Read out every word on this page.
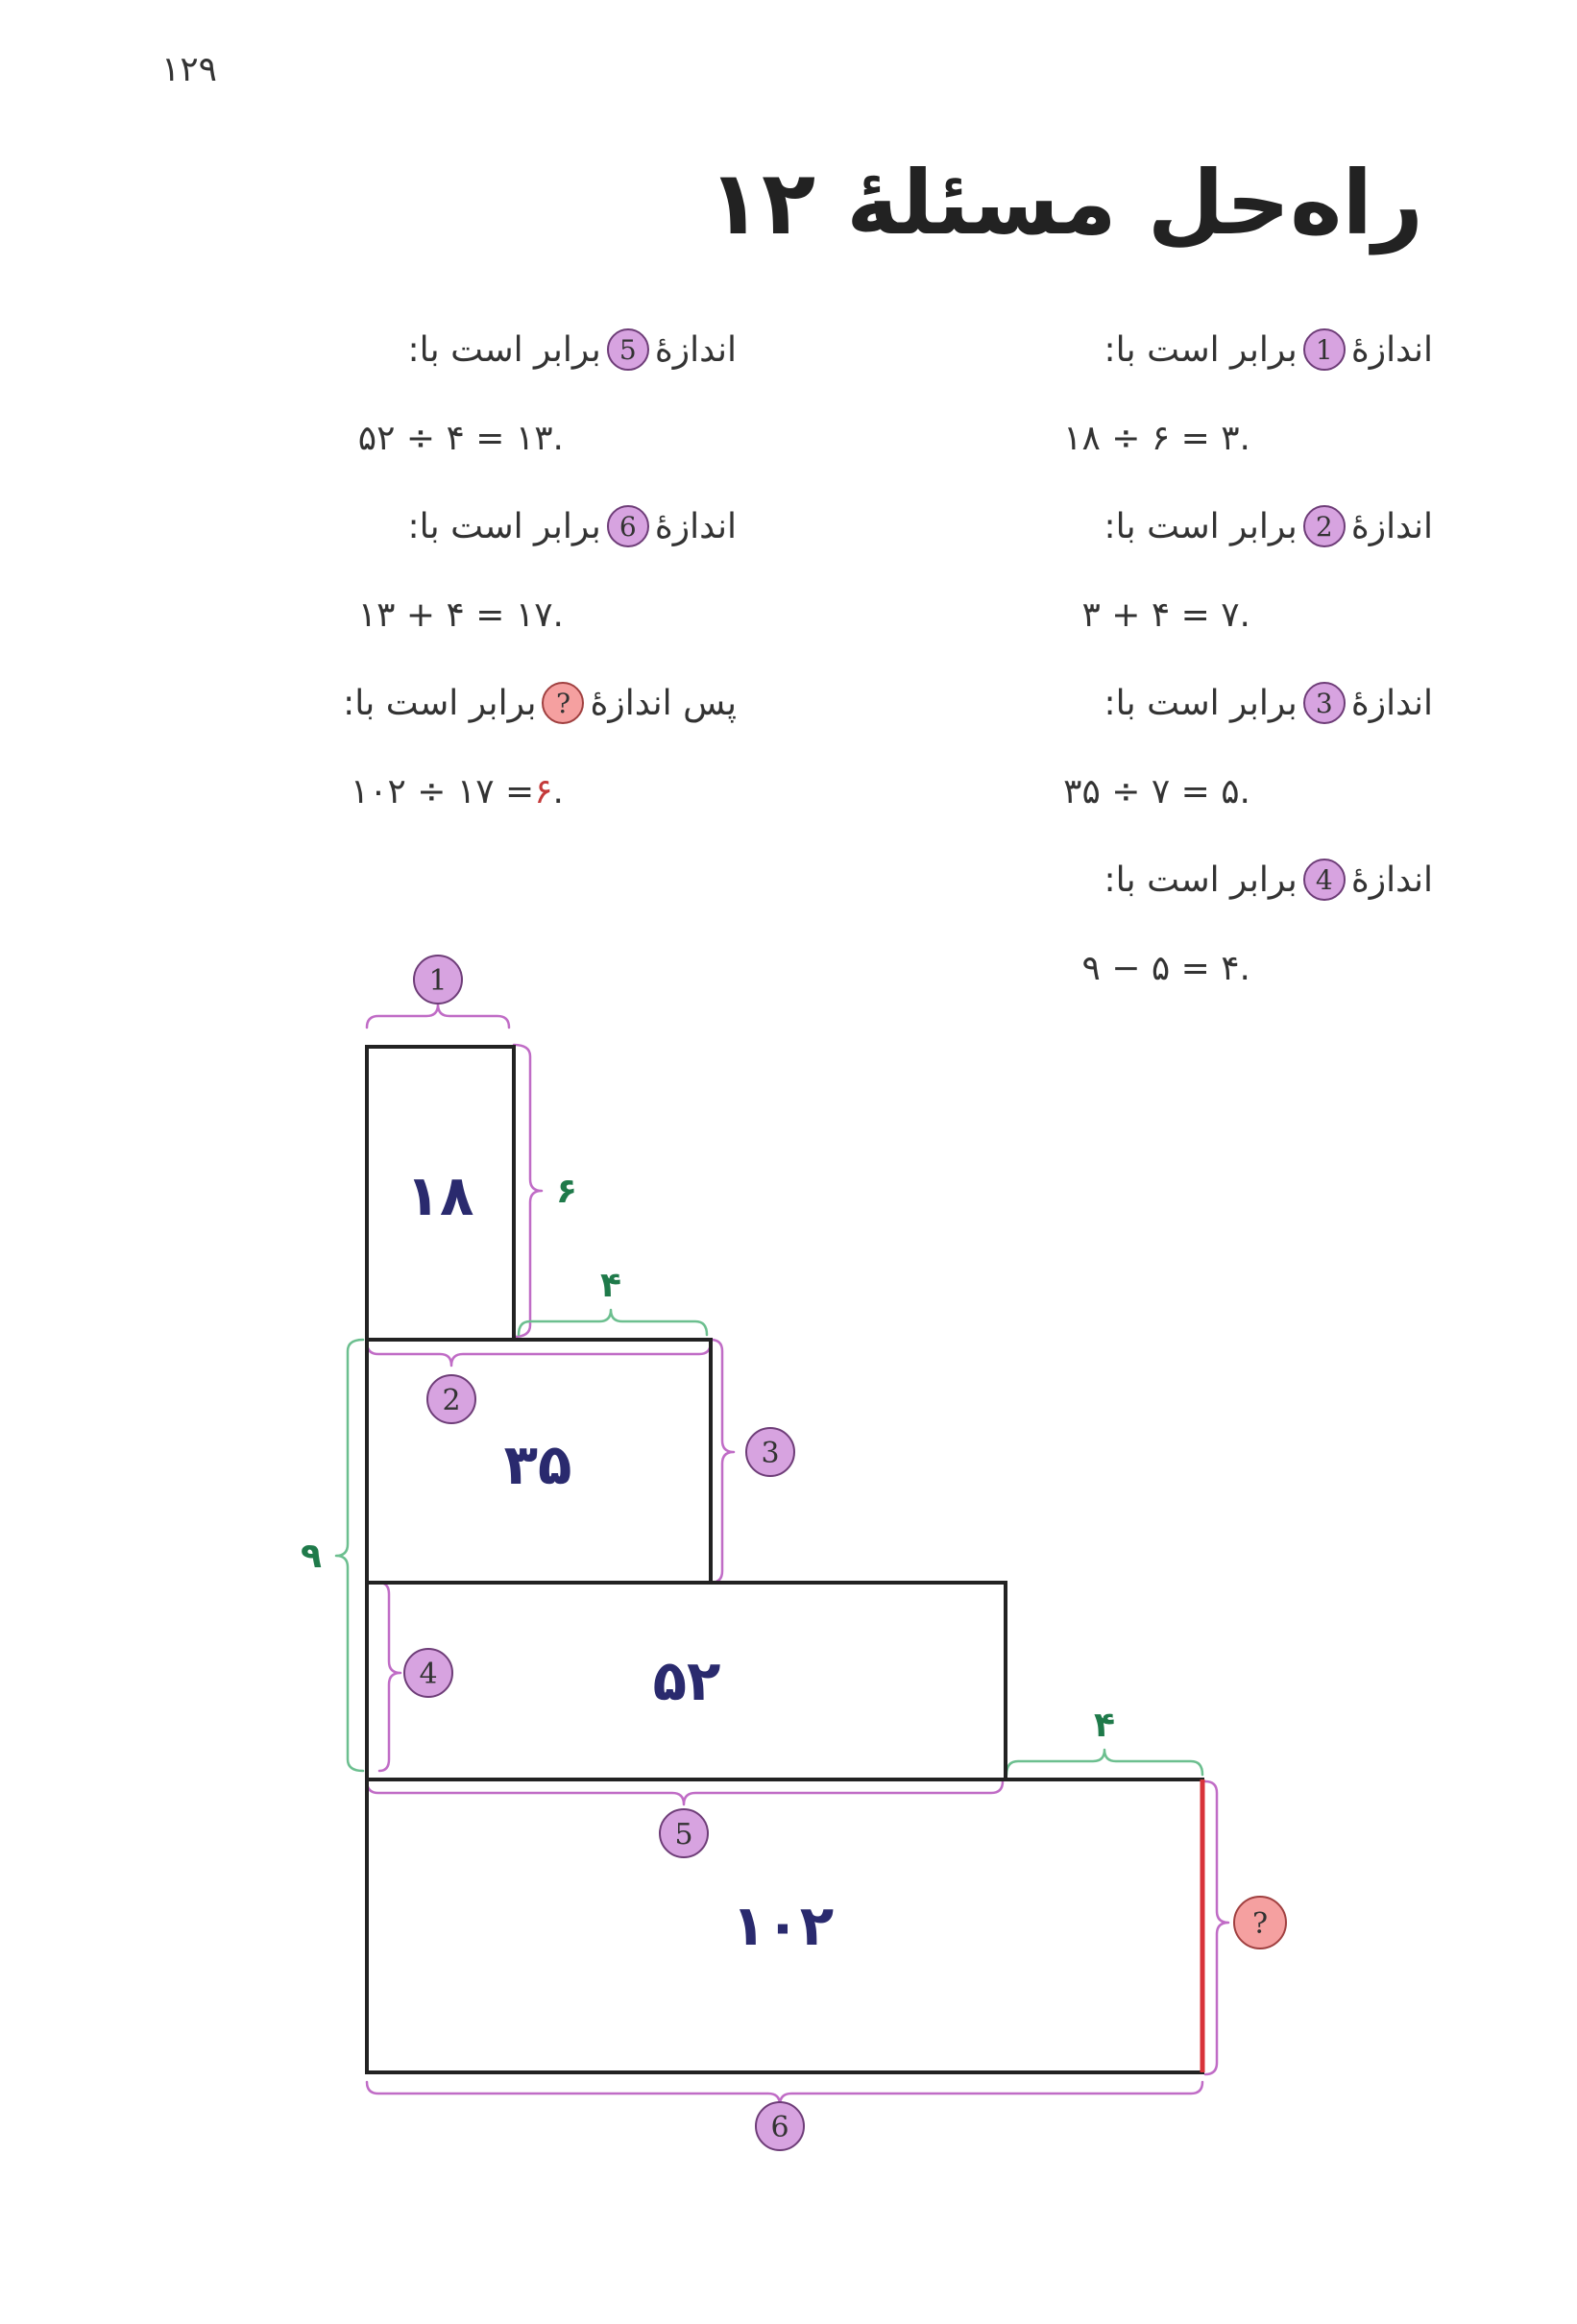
۱۲۹
راه‌حل مسئلهٔ ۱۲
اندازهٔ
1
برابر است با:
۱۸ ÷ ۶ = ۳.
اندازهٔ
2
برابر است با:
۳ + ۴ = ۷.
اندازهٔ
3
برابر است با:
۳۵ ÷ ۷ = ۵.
اندازهٔ
4
برابر است با:
۹ − ۵ = ۴.
اندازهٔ
5
برابر است با:
۵۲ ÷ ۴ = ۱۳.
اندازهٔ
6
برابر است با:
۱۳ + ۴ = ۱۷.
پس اندازهٔ
?
برابر است با:
۱۰۲ ÷ ۱۷ = ۶ .
۱۸
۳۵
۵۲
۱۰۲
۶
۴
۹
۴
1
2
3
4
5
6
?
